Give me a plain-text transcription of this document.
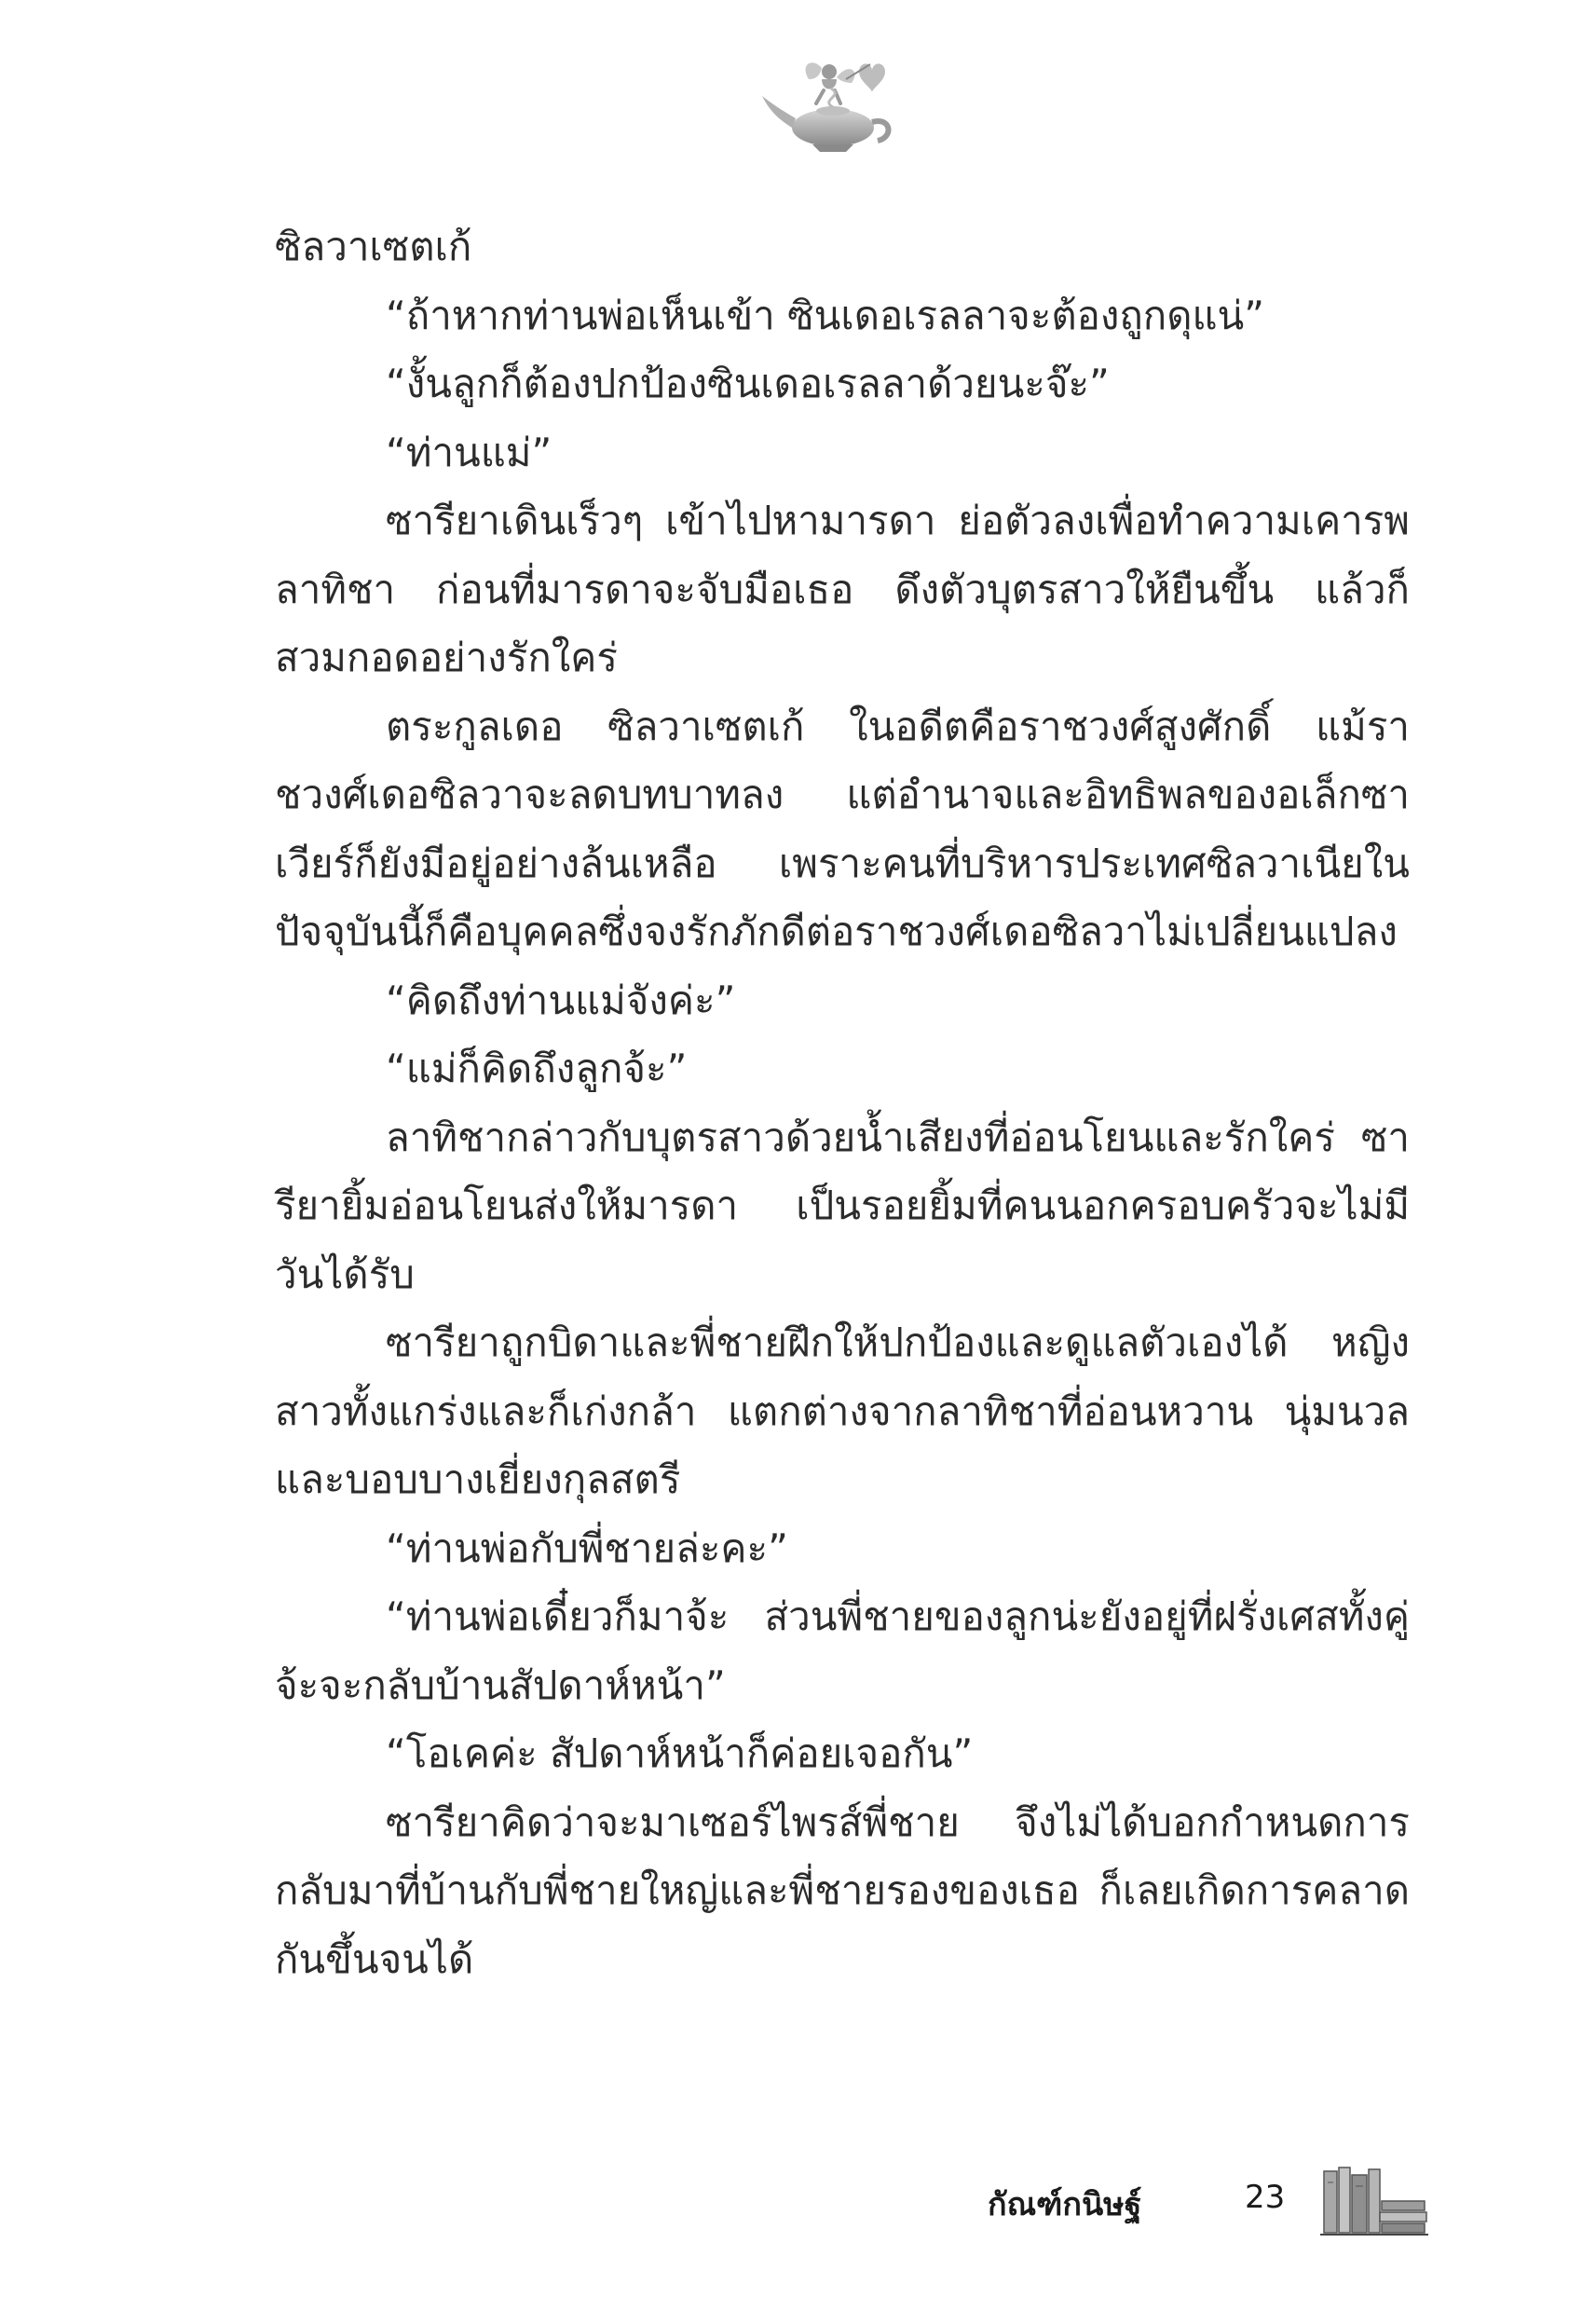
ซิลวาเซตเก้

“ถ้าหากท่านพ่อเห็นเข้า ซินเดอเรลลาจะต้องถูกดุแน่”

“งั้นลูกก็ต้องปกป้องซินเดอเรลลาด้วยนะจ๊ะ”

“ท่านแม่”

ซารียาเดินเร็วๆ เข้าไปหามารดา ย่อตัวลงเพื่อทำความเคารพลาทิชา ก่อนที่มารดาจะจับมือเธอ ดึงตัวบุตรสาวให้ยืนขึ้น แล้วก็สวมกอดอย่างรักใคร่

ตระกูลเดอ ซิลวาเซตเก้ ในอดีตคือราชวงศ์สูงศักดิ์ แม้ราชวงศ์เดอซิลวาจะลดบทบาทลง แต่อำนาจและอิทธิพลของอเล็กซาเวียร์ก็ยังมีอยู่อย่างล้นเหลือ เพราะคนที่บริหารประเทศซิลวาเนียในปัจจุบันนี้ก็คือบุคคลซึ่งจงรักภักดีต่อราชวงศ์เดอซิลวาไม่เปลี่ยนแปลง

“คิดถึงท่านแม่จังค่ะ”

“แม่ก็คิดถึงลูกจ้ะ”

ลาทิชากล่าวกับบุตรสาวด้วยน้ำเสียงที่อ่อนโยนและรักใคร่ ซารียายิ้มอ่อนโยนส่งให้มารดา เป็นรอยยิ้มที่คนนอกครอบครัวจะไม่มีวันได้รับ

ซารียาถูกบิดาและพี่ชายฝึกให้ปกป้องและดูแลตัวเองได้ หญิงสาวทั้งแกร่งและก็เก่งกล้า แตกต่างจากลาทิชาที่อ่อนหวาน นุ่มนวล และบอบบางเยี่ยงกุลสตรี

“ท่านพ่อกับพี่ชายล่ะคะ”

“ท่านพ่อเดี๋ยวก็มาจ้ะ ส่วนพี่ชายของลูกน่ะยังอยู่ที่ฝรั่งเศสทั้งคู่จ้ะจะกลับบ้านสัปดาห์หน้า”

“โอเคค่ะ สัปดาห์หน้าก็ค่อยเจอกัน”

ซารียาคิดว่าจะมาเซอร์ไพรส์พี่ชาย จึงไม่ได้บอกกำหนดการกลับมาที่บ้านกับพี่ชายใหญ่และพี่ชายรองของเธอ ก็เลยเกิดการคลาดกันขึ้นจนได้

กัณฑ์กนิษฐ์	23
